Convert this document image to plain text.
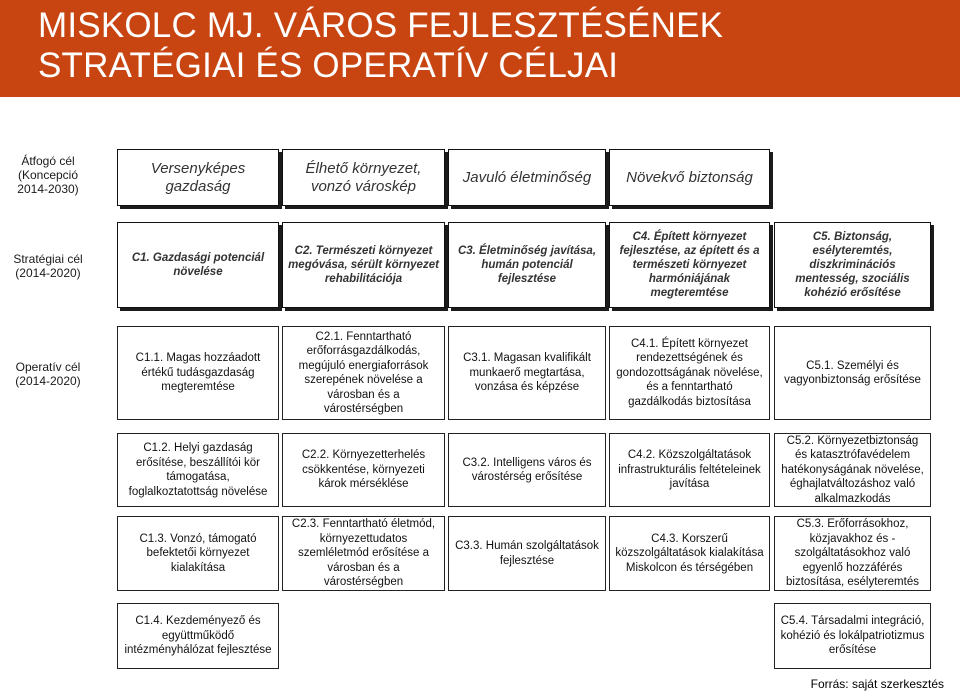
MISKOLC MJ. VÁROS FEJLESZTÉSÉNEK
STRATÉGIAI ÉS OPERATÍV CÉLJAI
Átfogó cél (Koncepció 2014-2030)
Stratégiai cél (2014-2020)
Operatív cél (2014-2020)
Versenyképes gazdaság
Élhető környezet, vonzó városkép
Javuló életminőség	Növekvő biztonság
C1. Gazdasági potenciál növelése
C2. Természeti környezet megóvása, sérült környezet rehabilitációja
C3. Életminőség javítása, humán potenciál fejlesztése
C4. Épített környezet fejlesztése, az épített és a természeti környezet harmóniájának megteremtése
C5. Biztonság, esélyteremtés, diszkriminációs mentesség, szociális kohézió erősítése
C1.1. Magas hozzáadott értékű tudásgazdaság megteremtése
C2.1. Fenntartható erőforrásgazdálkodás, megújuló energiaforrások szerepének növelése a városban és a várostérségben
C3.1. Magasan kvalifikált munkaerő megtartása, vonzása és képzése
C4.1. Épített környezet rendezettségének és gondozottságának növelése, és a fenntartható gazdálkodás biztosítása
C5.1. Személyi és vagyonbiztonság erősítése
C1.2. Helyi gazdaság erősítése, beszállítói kör támogatása, foglalkoztatottság növelése
C2.2. Környezetterhelés csökkentése, környezeti károk mérséklése
C3.2. Intelligens város és várostérség erősítése
C4.2. Közszolgáltatások infrastrukturális feltételeinek javítása
C5.2. Környezetbiztonság és katasztrófavédelem hatékonyságának növelése, éghajlatváltozáshoz való alkalmazkodás
C1.3. Vonzó, támogató befektetői környezet kialakítása
C2.3. Fenntartható életmód, környezettudatos szemléletmód erősítése a városban és a várostérségben
C3.3. Humán szolgáltatások fejlesztése
C4.3. Korszerű közszolgáltatások kialakítása Miskolcon és térségében
C5.3. Erőforrásokhoz, közjavakhoz és -szolgáltatásokhoz való egyenlő hozzáférés biztosítása, esélyteremtés
C1.4. Kezdeményező és együttműködő intézményhálózat fejlesztése
C5.4. Társadalmi integráció, kohézió és lokálpatriotizmus erősítése
Forrás: saját szerkesztés
